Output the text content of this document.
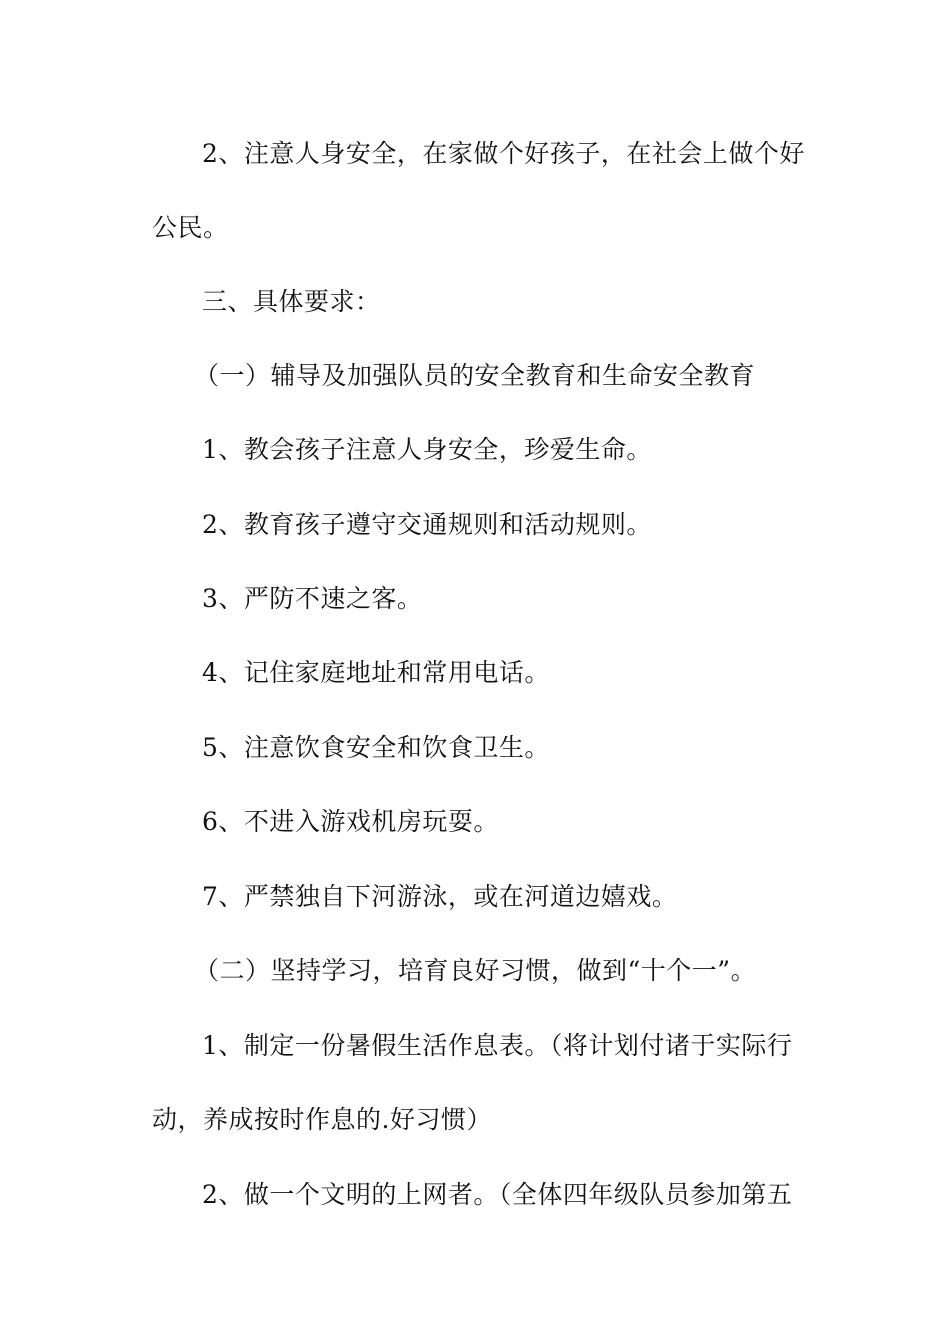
2、注意人身安全，在家做个好孩子，在社会上做个好
公民。
三、具体要求：
（一）辅导及加强队员的安全教育和生命安全教育
1、教会孩子注意人身安全，珍爱生命。
2、教育孩子遵守交通规则和活动规则。
3、严防不速之客。
4、记住家庭地址和常用电话。
5、注意饮食安全和饮食卫生。
6、不进入游戏机房玩耍。
7、严禁独自下河游泳，或在河道边嬉戏。
（二）坚持学习，培育良好习惯，做到“十个一”。
1、制定一份暑假生活作息表。（将计划付诸于实际行
动，养成按时作息的.好习惯）
2、做一个文明的上网者。（全体四年级队员参加第五
